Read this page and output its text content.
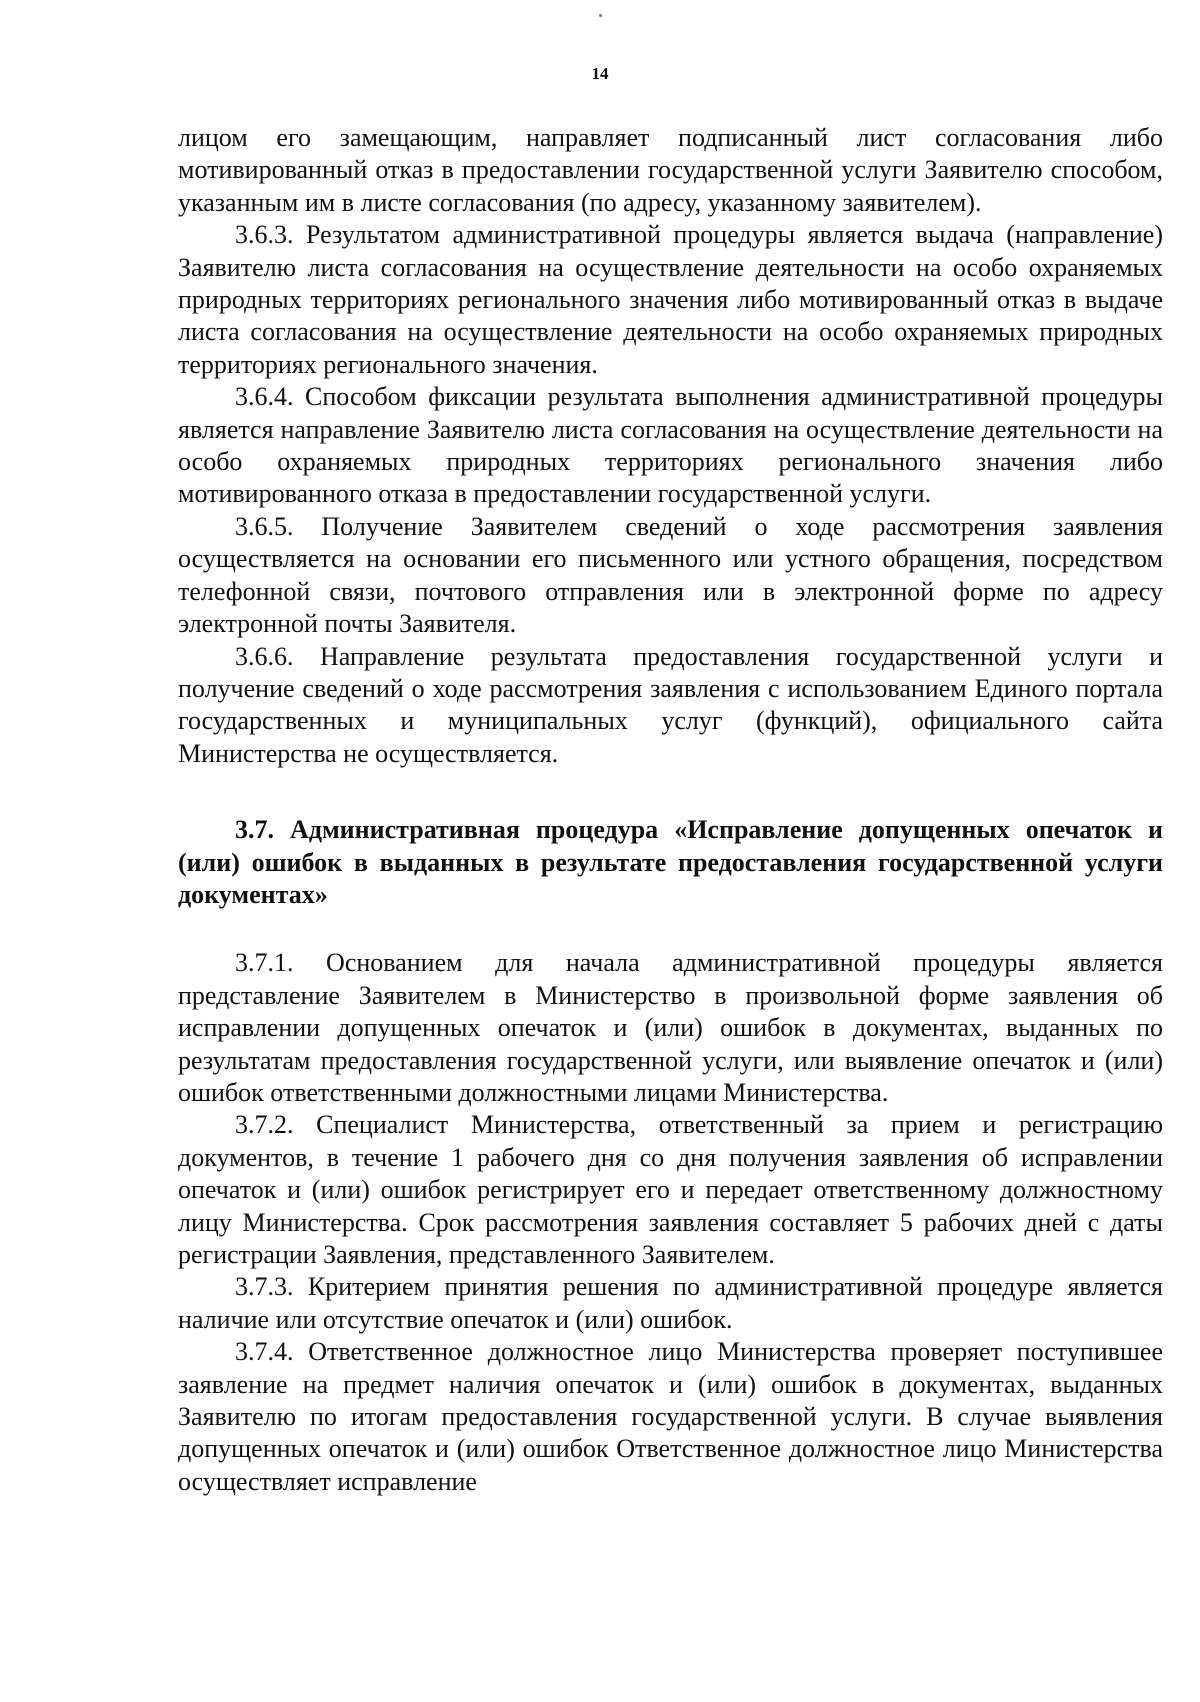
14

лицом его замещающим, направляет подписанный лист согласования либо мотивированный отказ в предоставлении государственной услуги Заявителю способом, указанным им в листе согласования (по адресу, указанному заявителем).

3.6.3. Результатом административной процедуры является выдача (направление) Заявителю листа согласования на осуществление деятельности на особо охраняемых природных территориях регионального значения либо мотивированный отказ в выдаче листа согласования на осуществление деятельности на особо охраняемых природных территориях регионального значения.

3.6.4. Способом фиксации результата выполнения административной процедуры является направление Заявителю листа согласования на осуществление деятельности на особо охраняемых природных территориях регионального значения либо мотивированного отказа в предоставлении государственной услуги.

3.6.5. Получение Заявителем сведений о ходе рассмотрения заявления осуществляется на основании его письменного или устного обращения, посредством телефонной связи, почтового отправления или в электронной форме по адресу электронной почты Заявителя.

3.6.6. Направление результата предоставления государственной услуги и получение сведений о ходе рассмотрения заявления с использованием Единого портала государственных и муниципальных услуг (функций), официального сайта Министерства не осуществляется.

3.7. Административная процедура «Исправление допущенных опечаток и (или) ошибок в выданных в результате предоставления государственной услуги документах»

3.7.1. Основанием для начала административной процедуры является представление Заявителем в Министерство в произвольной форме заявления об исправлении допущенных опечаток и (или) ошибок в документах, выданных по результатам предоставления государственной услуги, или выявление опечаток и (или) ошибок ответственными должностными лицами Министерства.

3.7.2. Специалист Министерства, ответственный за прием и регистрацию документов, в течение 1 рабочего дня со дня получения заявления об исправлении опечаток и (или) ошибок регистрирует его и передает ответственному должностному лицу Министерства. Срок рассмотрения заявления составляет 5 рабочих дней с даты регистрации Заявления, представленного Заявителем.

3.7.3. Критерием принятия решения по административной процедуре является наличие или отсутствие опечаток и (или) ошибок.

3.7.4. Ответственное должностное лицо Министерства проверяет поступившее заявление на предмет наличия опечаток и (или) ошибок в документах, выданных Заявителю по итогам предоставления государственной услуги. В случае выявления допущенных опечаток и (или) ошибок Ответственное должностное лицо Министерства осуществляет исправление
